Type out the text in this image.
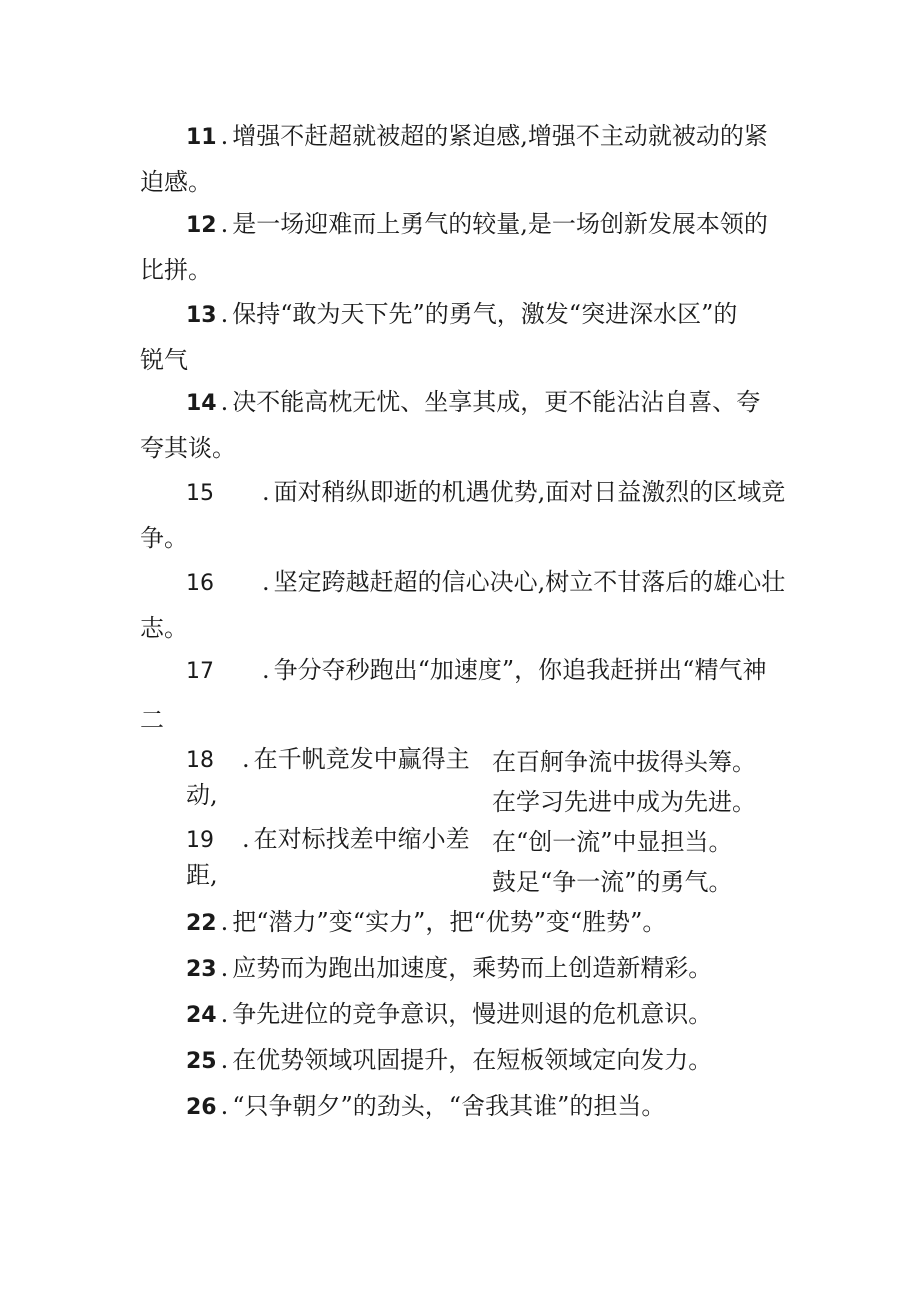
11 . 增强不赶超就被超的紧迫感,增强不主动就被动的紧
迫感。
12 . 是一场迎难而上勇气的较量,是一场创新发展本领的
比拼。
13 . 保持“敢为天下先”的勇气，激发“突进深水区”的
锐气
14 . 决不能高枕无忧、坐享其成，更不能沾沾自喜、夸
夸其谈。
15 . 面对稍纵即逝的机遇优势,面对日益激烈的区域竞
争。
16 . 坚定跨越赶超的信心决心,树立不甘落后的雄心壮
志。
17 . 争分夺秒跑出“加速度”，你追我赶拼出“精气神
二
18 . 在千帆竞发中赢得主
动,
在百舸争流中拔得头筹。
在学习先进中成为先进。
19 . 在对标找差中缩小差
距,
在“创一流”中显担当。
鼓足“争一流”的勇气。
22 . 把“潜力”变“实力”，把“优势”变“胜势”。
23 . 应势而为跑出加速度，乘势而上创造新精彩。
24 . 争先进位的竞争意识，慢进则退的危机意识。
25 . 在优势领域巩固提升，在短板领域定向发力。
26 . “只争朝夕”的劲头，“舍我其谁”的担当。
